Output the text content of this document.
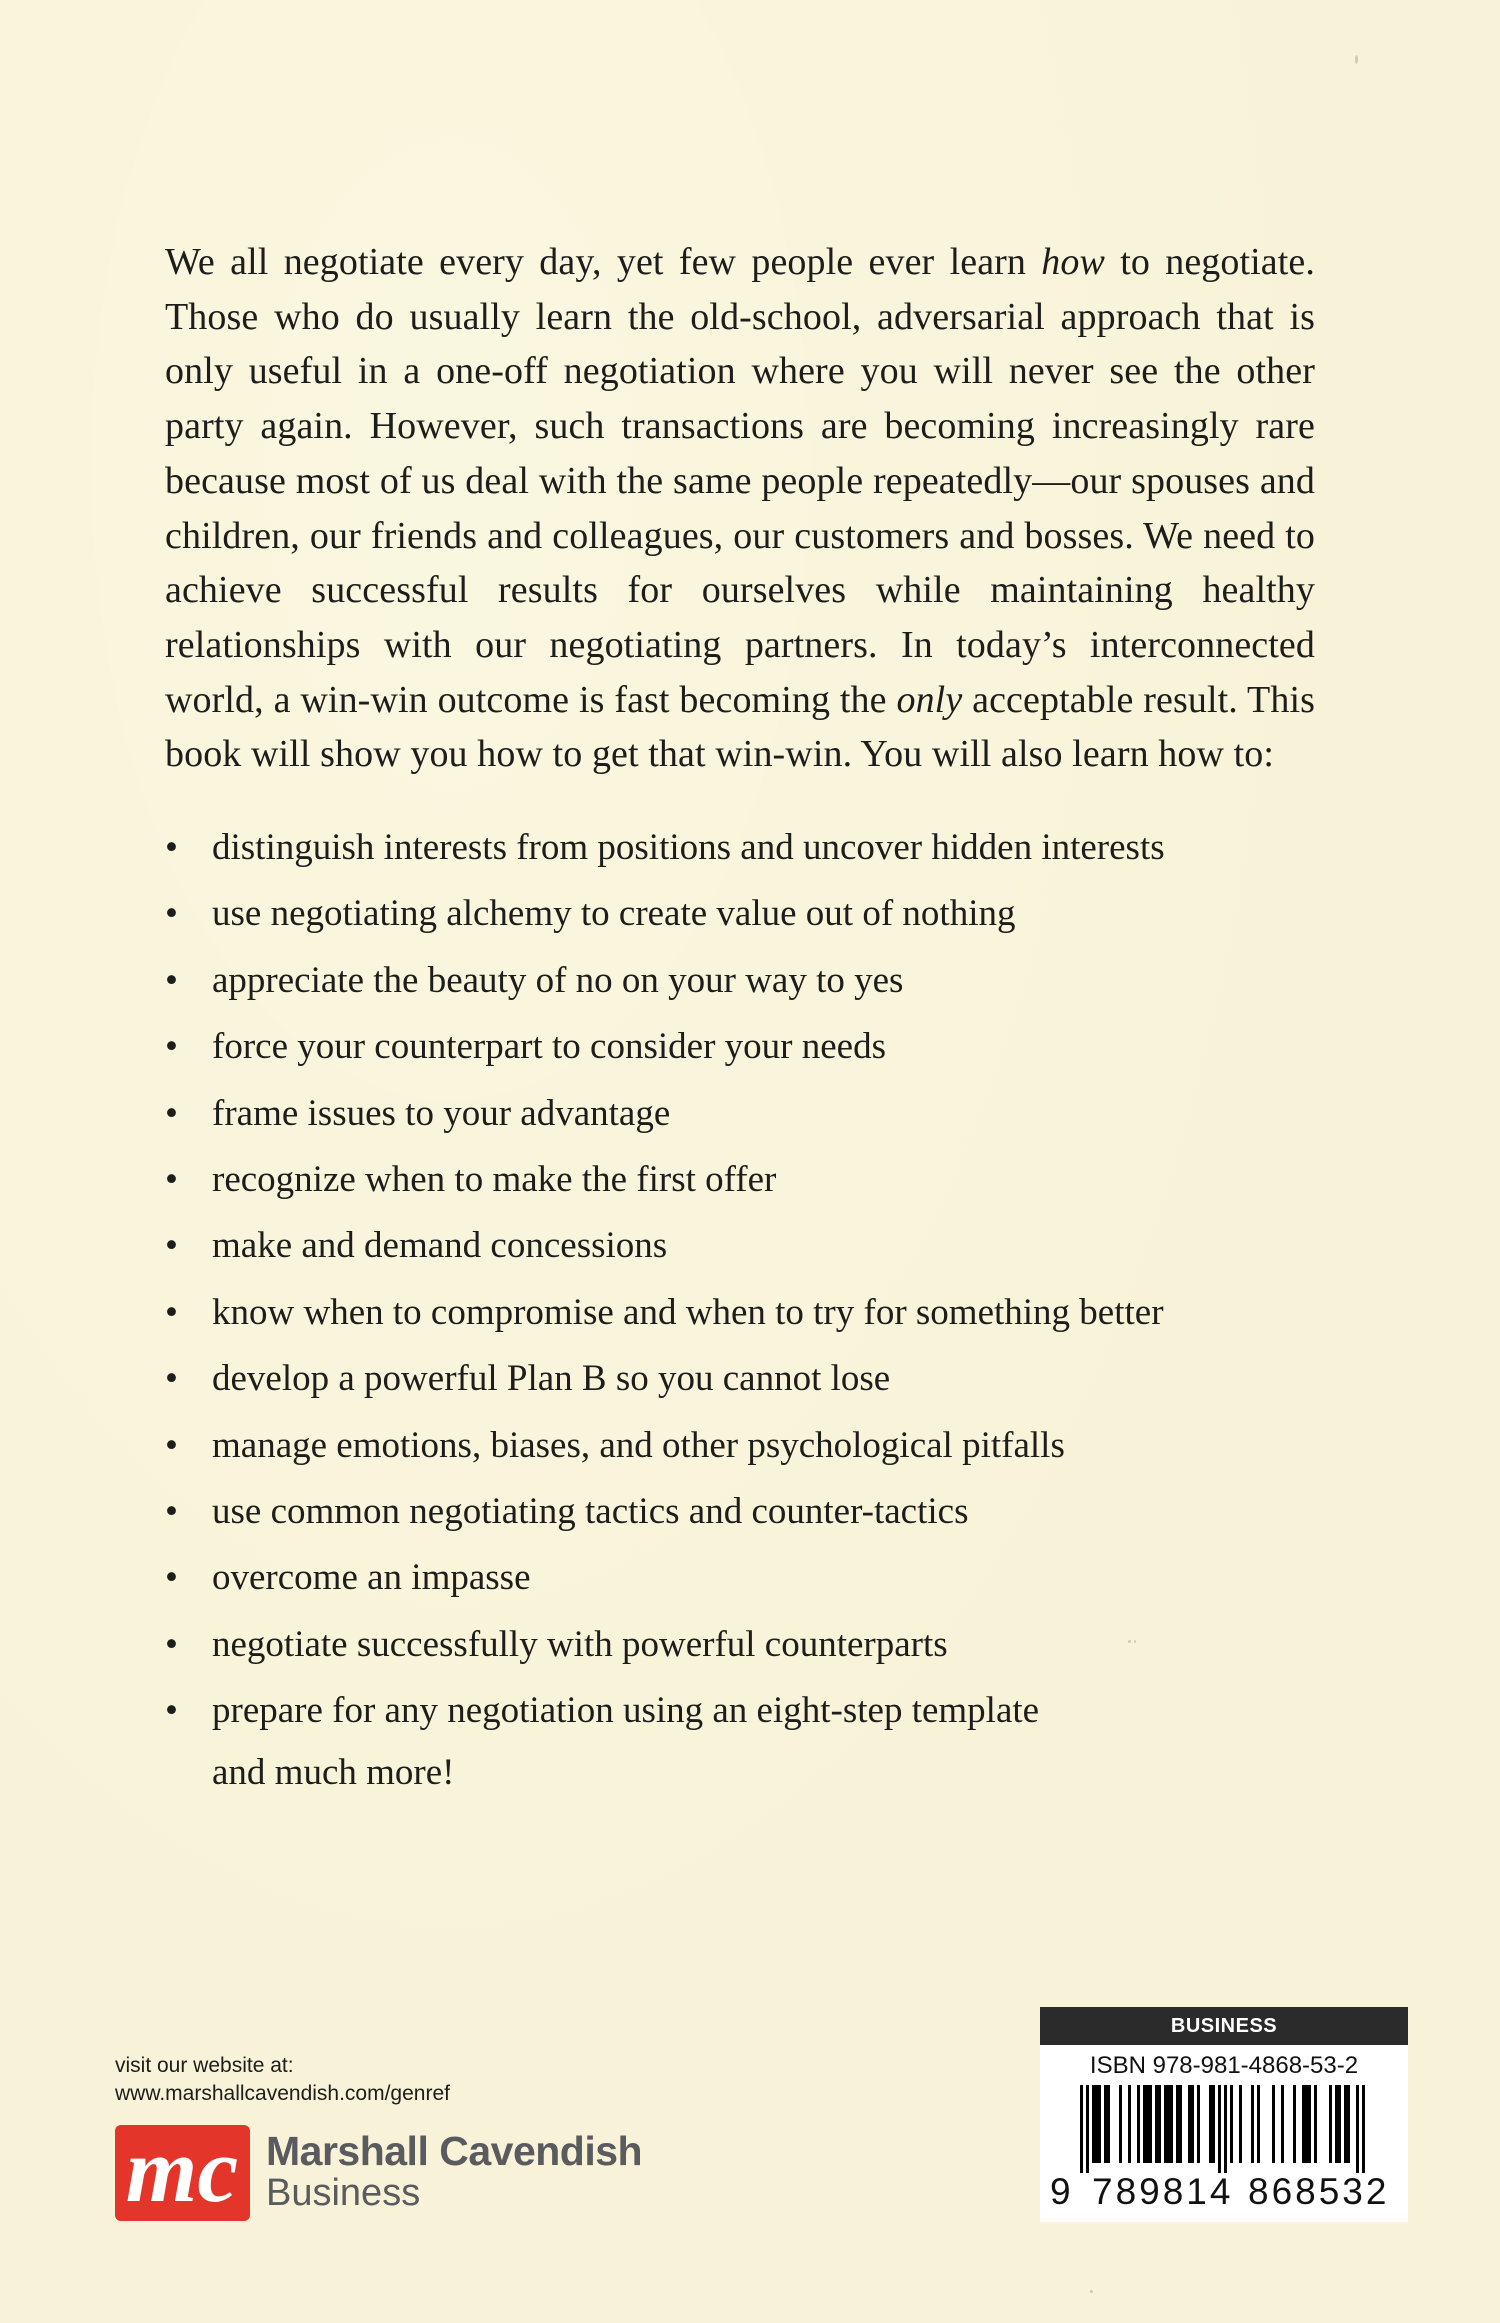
We all negotiate every day, yet few people ever learn how to negotiate. Those who do usually learn the old-school, adversarial approach that is only useful in a one-off negotiation where you will never see the other party again. However, such transactions are becoming increasingly rare because most of us deal with the same people repeatedly—our spouses and children, our friends and colleagues, our customers and bosses. We need to achieve successful results for ourselves while maintaining healthy relationships with our negotiating partners. In today’s interconnected world, a win-win outcome is fast becoming the only acceptable result. This book will show you how to get that win-win. You will also learn how to:
• distinguish interests from positions and uncover hidden interests
• use negotiating alchemy to create value out of nothing
• appreciate the beauty of no on your way to yes
• force your counterpart to consider your needs
• frame issues to your advantage
• recognize when to make the first offer
• make and demand concessions
• know when to compromise and when to try for something better
• develop a powerful Plan B so you cannot lose
• manage emotions, biases, and other psychological pitfalls
• use common negotiating tactics and counter-tactics
• overcome an impasse
• negotiate successfully with powerful counterparts
• prepare for any negotiation using an eight-step template
and much more!
visit our website at:
www.marshallcavendish.com/genref
mc Marshall Cavendish
Business
BUSINESS
ISBN 978-981-4868-53-2
9 789814 868532
